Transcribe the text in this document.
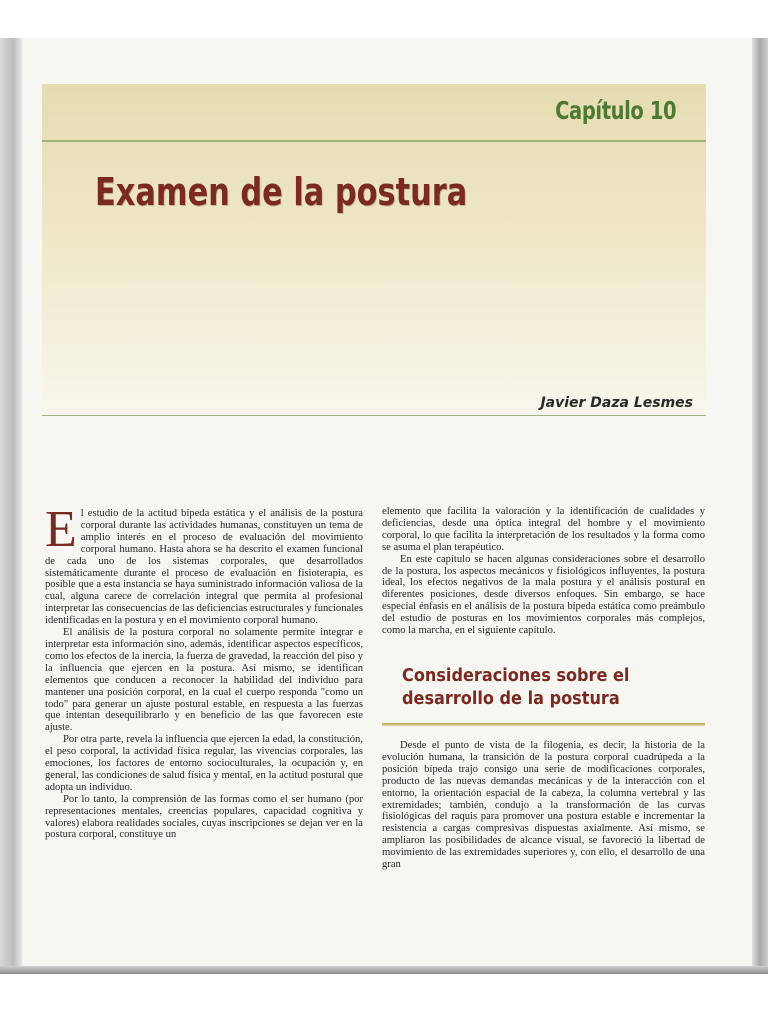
Capítulo 10
Examen de la postura
Javier Daza Lesmes

El estudio de la actitud bípeda estática y el análisis de la postura corporal durante las actividades humanas, constituyen un tema de amplio interés en el proceso de evaluación del movimiento corporal humano. Hasta ahora se ha descrito el examen funcional de cada uno de los sistemas corporales, que desarrollados sistemáticamente durante el proceso de evaluación en fisioterapia, es posible que a esta instancia se haya suministrado información valiosa de la cual, alguna carece de correlación integral que permita al profesional interpretar las consecuencias de las deficiencias estructurales y funcionales identificadas en la postura y en el movimiento corporal humano.

El análisis de la postura corporal no solamente permite integrar e interpretar esta información sino, además, identificar aspectos específicos, como los efectos de la inercia, la fuerza de gravedad, la reacción del piso y la influencia que ejercen en la postura. Así mismo, se identifican elementos que conducen a reconocer la habilidad del individuo para mantener una posición corporal, en la cual el cuerpo responda "como un todo" para generar un ajuste postural estable, en respuesta a las fuerzas que intentan desequilibrarlo y en beneficio de las que favorecen este ajuste.

Por otra parte, revela la influencia que ejercen la edad, la constitución, el peso corporal, la actividad física regular, las vivencias corporales, las emociones, los factores de entorno socioculturales, la ocupación y, en general, las condiciones de salud física y mental, en la actitud postural que adopta un individuo.

Por lo tanto, la comprensión de las formas como el ser humano (por representaciones mentales, creencias populares, capacidad cognitiva y valores) elabora realidades sociales, cuyas inscripciones se dejan ver en la postura corporal, constituye un

elemento que facilita la valoración y la identificación de cualidades y deficiencias, desde una óptica integral del hombre y el movimiento corporal, lo que facilita la interpretación de los resultados y la forma como se asuma el plan terapéutico.

En este capítulo se hacen algunas consideraciones sobre el desarrollo de la postura, los aspectos mecánicos y fisiológicos influyentes, la postura ideal, los efectos negativos de la mala postura y el análisis postural en diferentes posiciones, desde diversos enfoques. Sin embargo, se hace especial énfasis en el análisis de la postura bípeda estática como preámbulo del estudio de posturas en los movimientos corporales más complejos, como la marcha, en el siguiente capítulo.

Consideraciones sobre el desarrollo de la postura

Desde el punto de vista de la filogenia, es decir, la historia de la evolución humana, la transición de la postura corporal cuadrúpeda a la posición bípeda trajo consigo una serie de modificaciones corporales, producto de las nuevas demandas mecánicas y de la interacción con el entorno, la orientación espacial de la cabeza, la columna vertebral y las extremidades; también, condujo a la transformación de las curvas fisiológicas del raquis para promover una postura estable e incrementar la resistencia a cargas compresivas dispuestas axialmente. Así mismo, se ampliaron las posibilidades de alcance visual, se favoreció la libertad de movimiento de las extremidades superiores y, con ello, el desarrollo de una gran
